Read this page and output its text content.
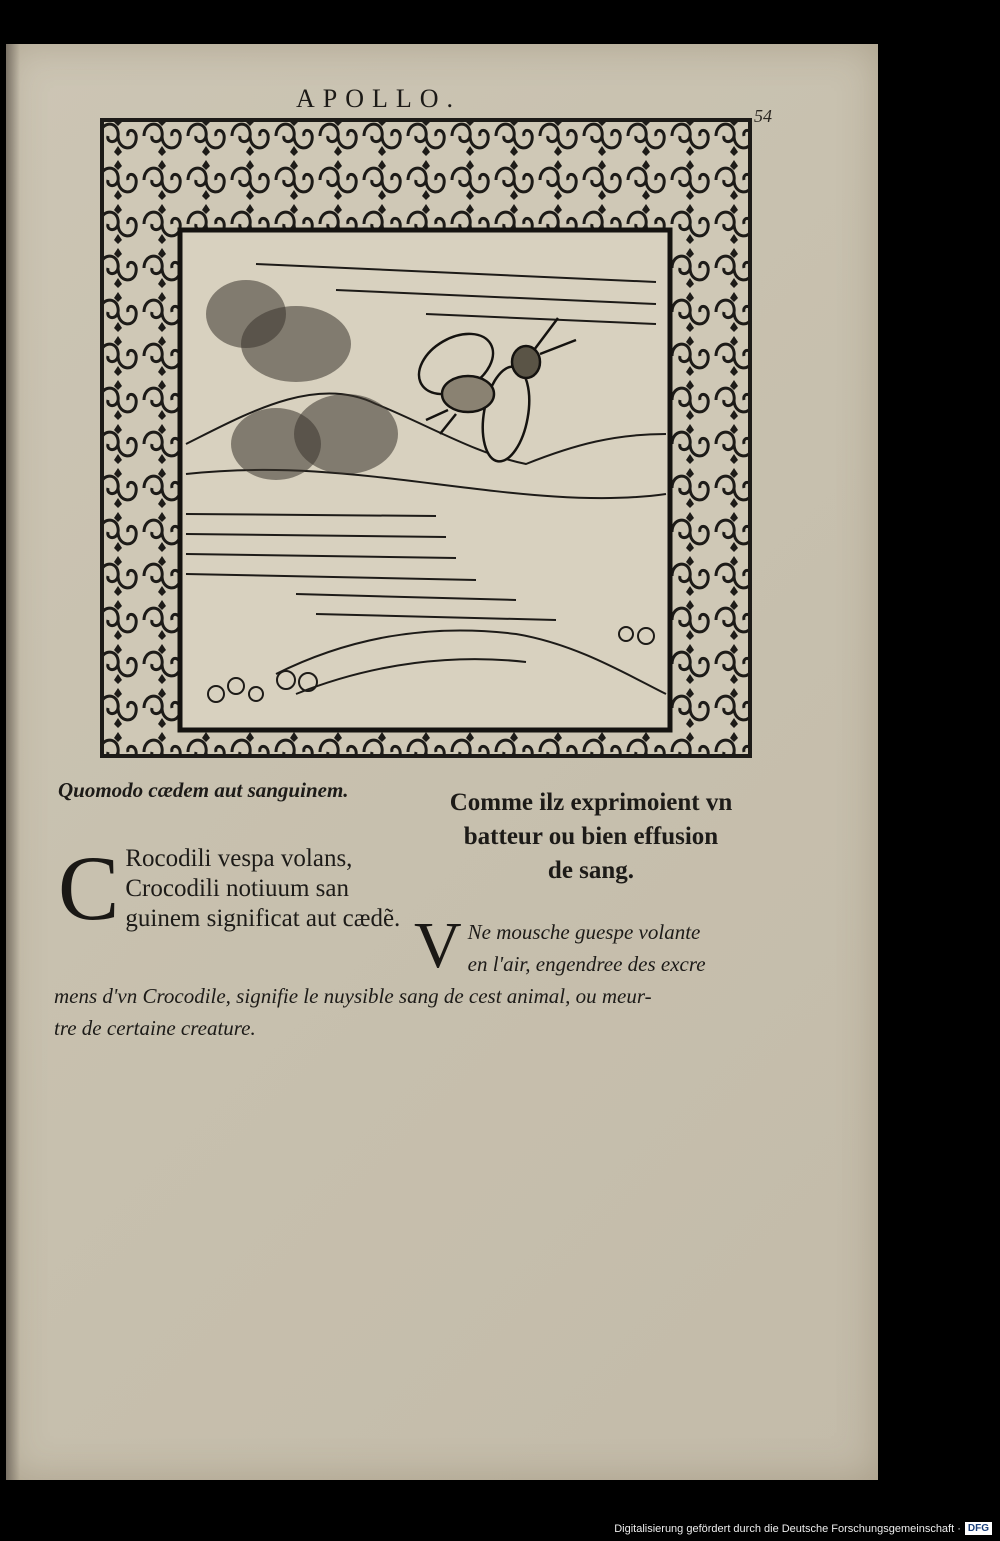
APOLLO.
54
Quomodo cædem aut sanguinem.	Comme ilz exprimoient vn
batteur ou bien effusion
de sang.
C Rocodili vespa volans,
Crocodili notiuum san
guinem significat aut cædẽ. V Ne mousche guespe volante
en l'air, engendree des excre
mens d'vn Crocodile, signifie le nuysible sang de cest animal, ou meur-
tre de certaine creature.
Digitalisierung gefördert durch die Deutsche Forschungsgemeinschaft · DFG
